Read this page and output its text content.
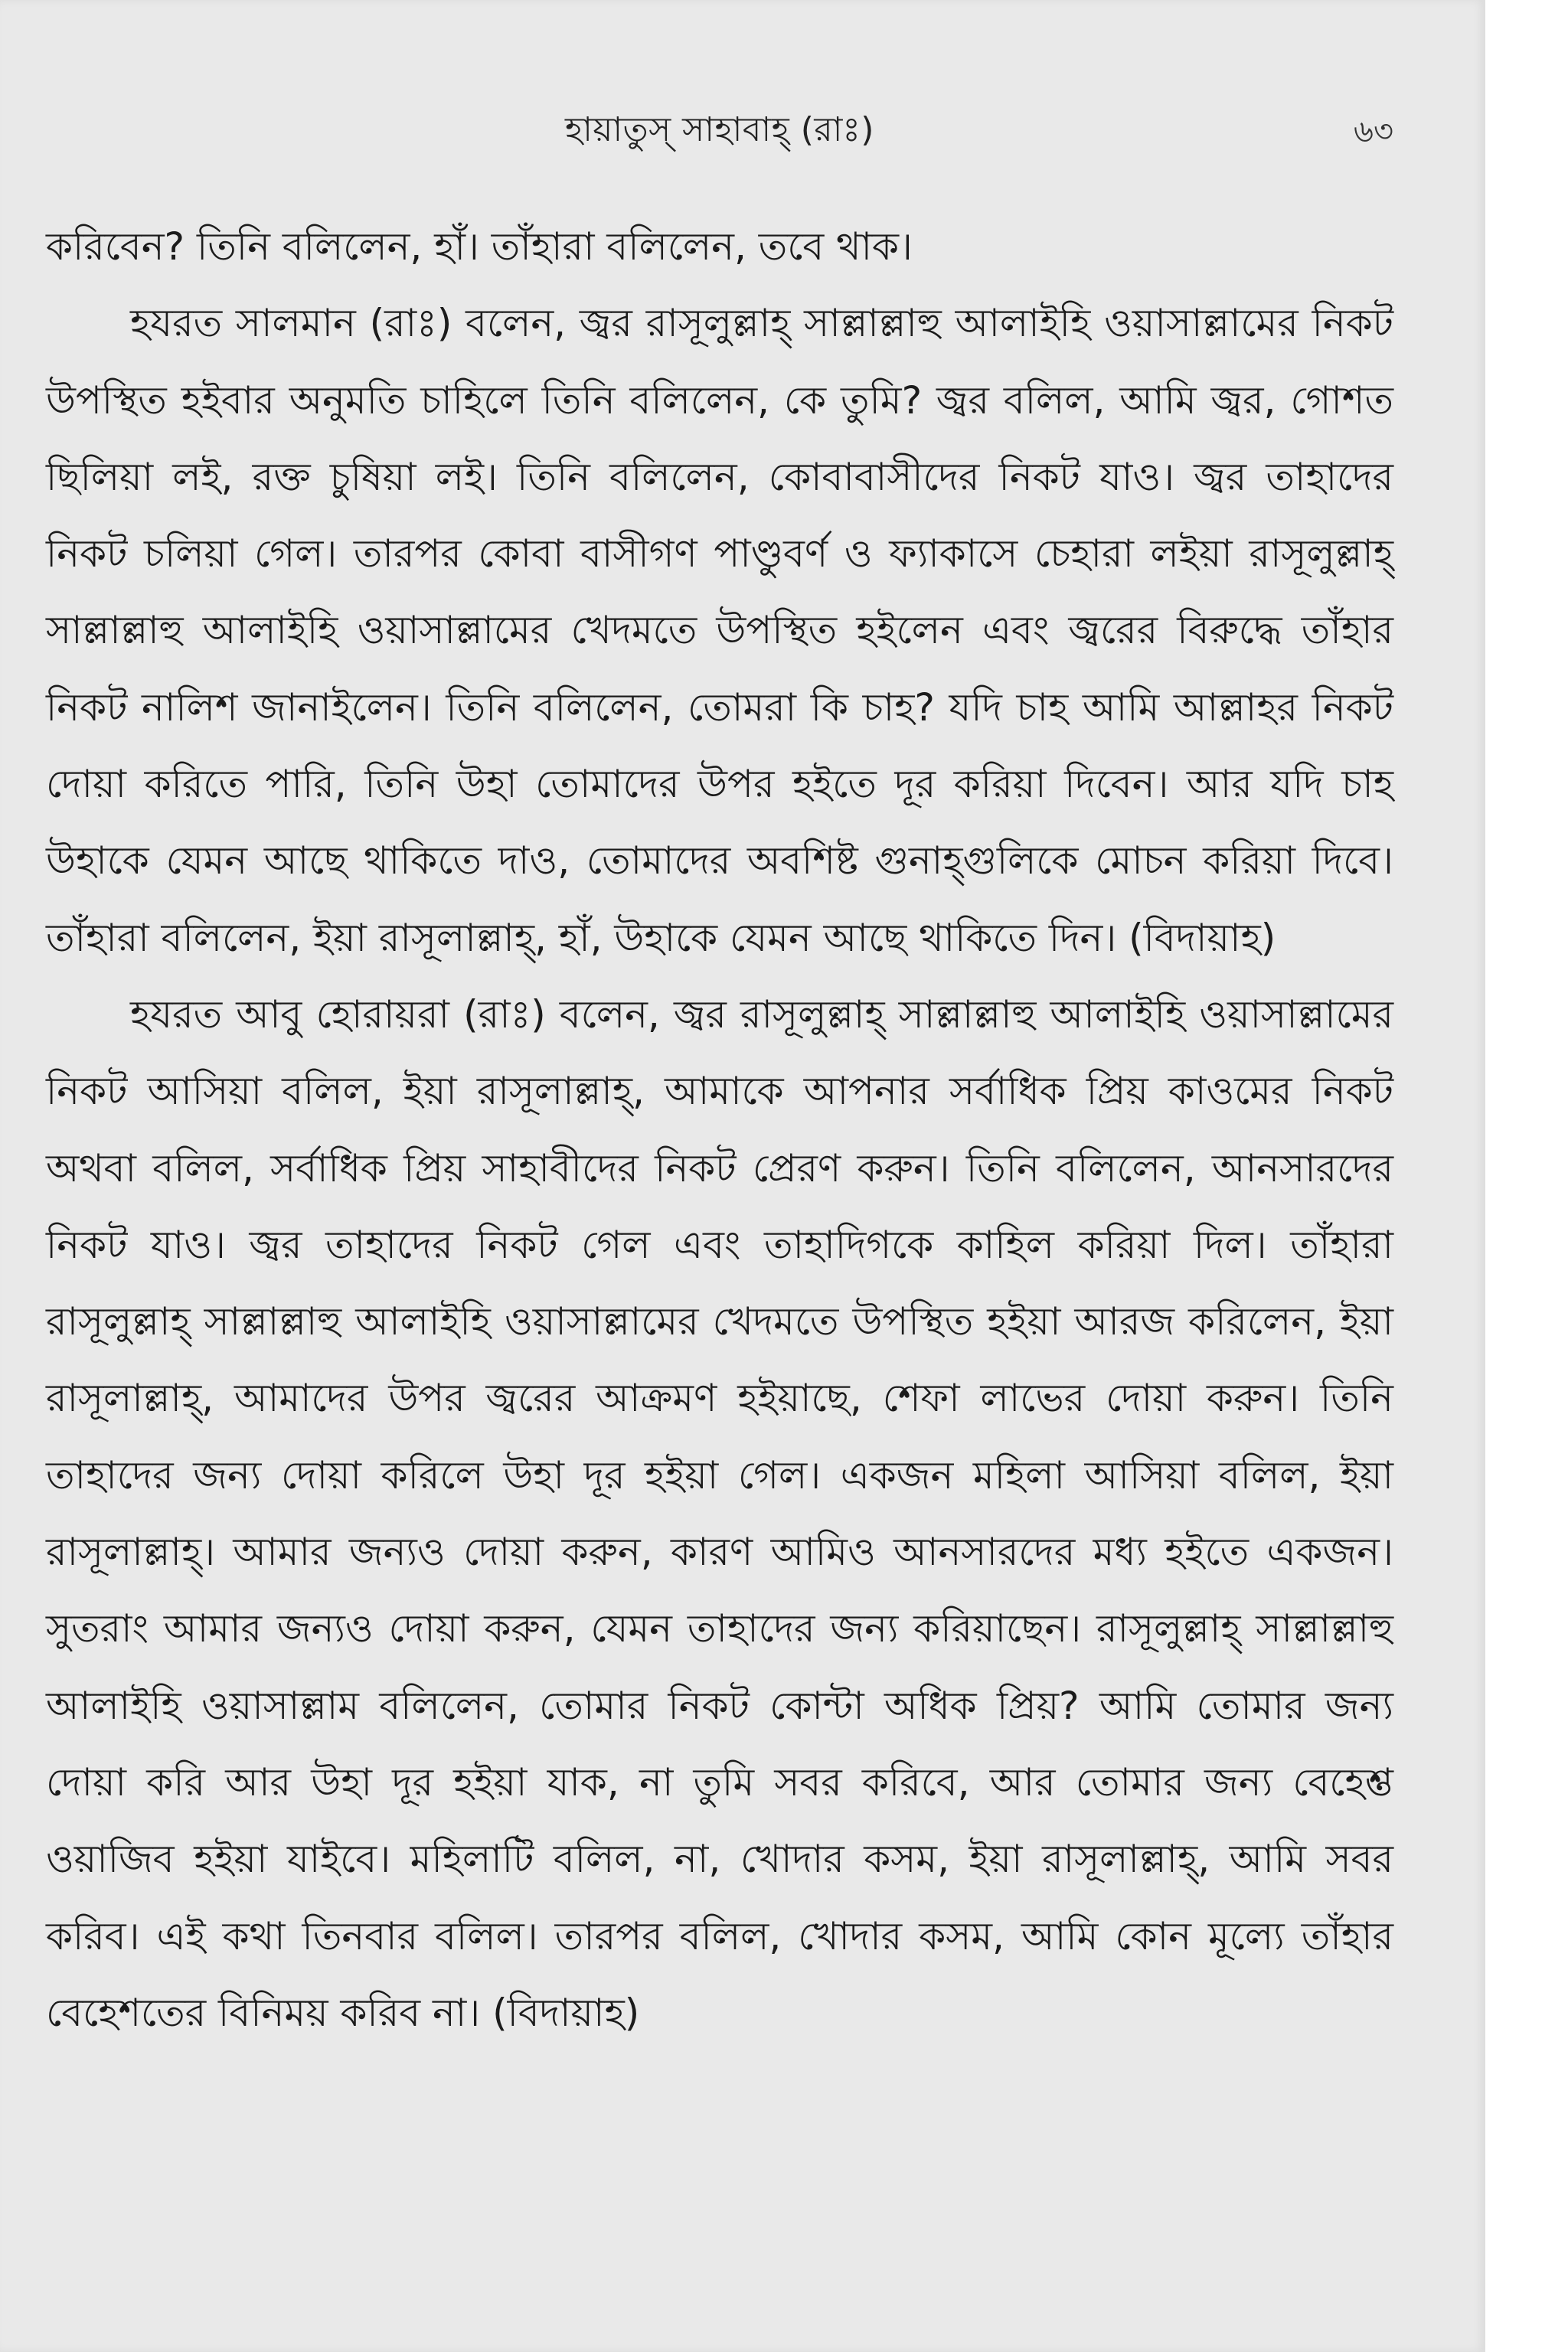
হায়াতুস্ সাহাবাহ্ (রাঃ)	৬৩

করিবেন? তিনি বলিলেন, হাঁ। তাঁহারা বলিলেন, তবে থাক।

হযরত সালমান (রাঃ) বলেন, জ্বর রাসূলুল্লাহ্ সাল্লাল্লাহু আলাইহি ওয়াসাল্লামের নিকট উপস্থিত হইবার অনুমতি চাহিলে তিনি বলিলেন, কে তুমি? জ্বর বলিল, আমি জ্বর, গোশত ছিলিয়া লই, রক্ত চুষিয়া লই। তিনি বলিলেন, কোবাবাসীদের নিকট যাও। জ্বর তাহাদের নিকট চলিয়া গেল। তারপর কোবা বাসীগণ পাণ্ডুবর্ণ ও ফ্যাকাসে চেহারা লইয়া রাসূলুল্লাহ্ সাল্লাল্লাহু আলাইহি ওয়াসাল্লামের খেদমতে উপস্থিত হইলেন এবং জ্বরের বিরুদ্ধে তাঁহার নিকট নালিশ জানাইলেন। তিনি বলিলেন, তোমরা কি চাহ? যদি চাহ আমি আল্লাহর নিকট দোয়া করিতে পারি, তিনি উহা তোমাদের উপর হইতে দূর করিয়া দিবেন। আর যদি চাহ উহাকে যেমন আছে থাকিতে দাও, তোমাদের অবশিষ্ট গুনাহ্গুলিকে মোচন করিয়া দিবে। তাঁহারা বলিলেন, ইয়া রাসূলাল্লাহ্, হাঁ, উহাকে যেমন আছে থাকিতে দিন। (বিদায়াহ)

হযরত আবু হোরায়রা (রাঃ) বলেন, জ্বর রাসূলুল্লাহ্ সাল্লাল্লাহু আলাইহি ওয়াসাল্লামের নিকট আসিয়া বলিল, ইয়া রাসূলাল্লাহ্, আমাকে আপনার সর্বাধিক প্রিয় কাওমের নিকট অথবা বলিল, সর্বাধিক প্রিয় সাহাবীদের নিকট প্রেরণ করুন। তিনি বলিলেন, আনসারদের নিকট যাও। জ্বর তাহাদের নিকট গেল এবং তাহাদিগকে কাহিল করিয়া দিল। তাঁহারা রাসূলুল্লাহ্ সাল্লাল্লাহু আলাইহি ওয়াসাল্লামের খেদমতে উপস্থিত হইয়া আরজ করিলেন, ইয়া রাসূলাল্লাহ্, আমাদের উপর জ্বরের আক্রমণ হইয়াছে, শেফা লাভের দোয়া করুন। তিনি তাহাদের জন্য দোয়া করিলে উহা দূর হইয়া গেল। একজন মহিলা আসিয়া বলিল, ইয়া রাসূলাল্লাহ্। আমার জন্যও দোয়া করুন, কারণ আমিও আনসারদের মধ্য হইতে একজন। সুতরাং আমার জন্যও দোয়া করুন, যেমন তাহাদের জন্য করিয়াছেন। রাসূলুল্লাহ্ সাল্লাল্লাহু আলাইহি ওয়াসাল্লাম বলিলেন, তোমার নিকট কোন্টা অধিক প্রিয়? আমি তোমার জন্য দোয়া করি আর উহা দূর হইয়া যাক, না তুমি সবর করিবে, আর তোমার জন্য বেহেশ্ত ওয়াজিব হইয়া যাইবে। মহিলাটি বলিল, না, খোদার কসম, ইয়া রাসূলাল্লাহ্, আমি সবর করিব। এই কথা তিনবার বলিল। তারপর বলিল, খোদার কসম, আমি কোন মূল্যে তাঁহার বেহেশতের বিনিময় করিব না। (বিদায়াহ)
